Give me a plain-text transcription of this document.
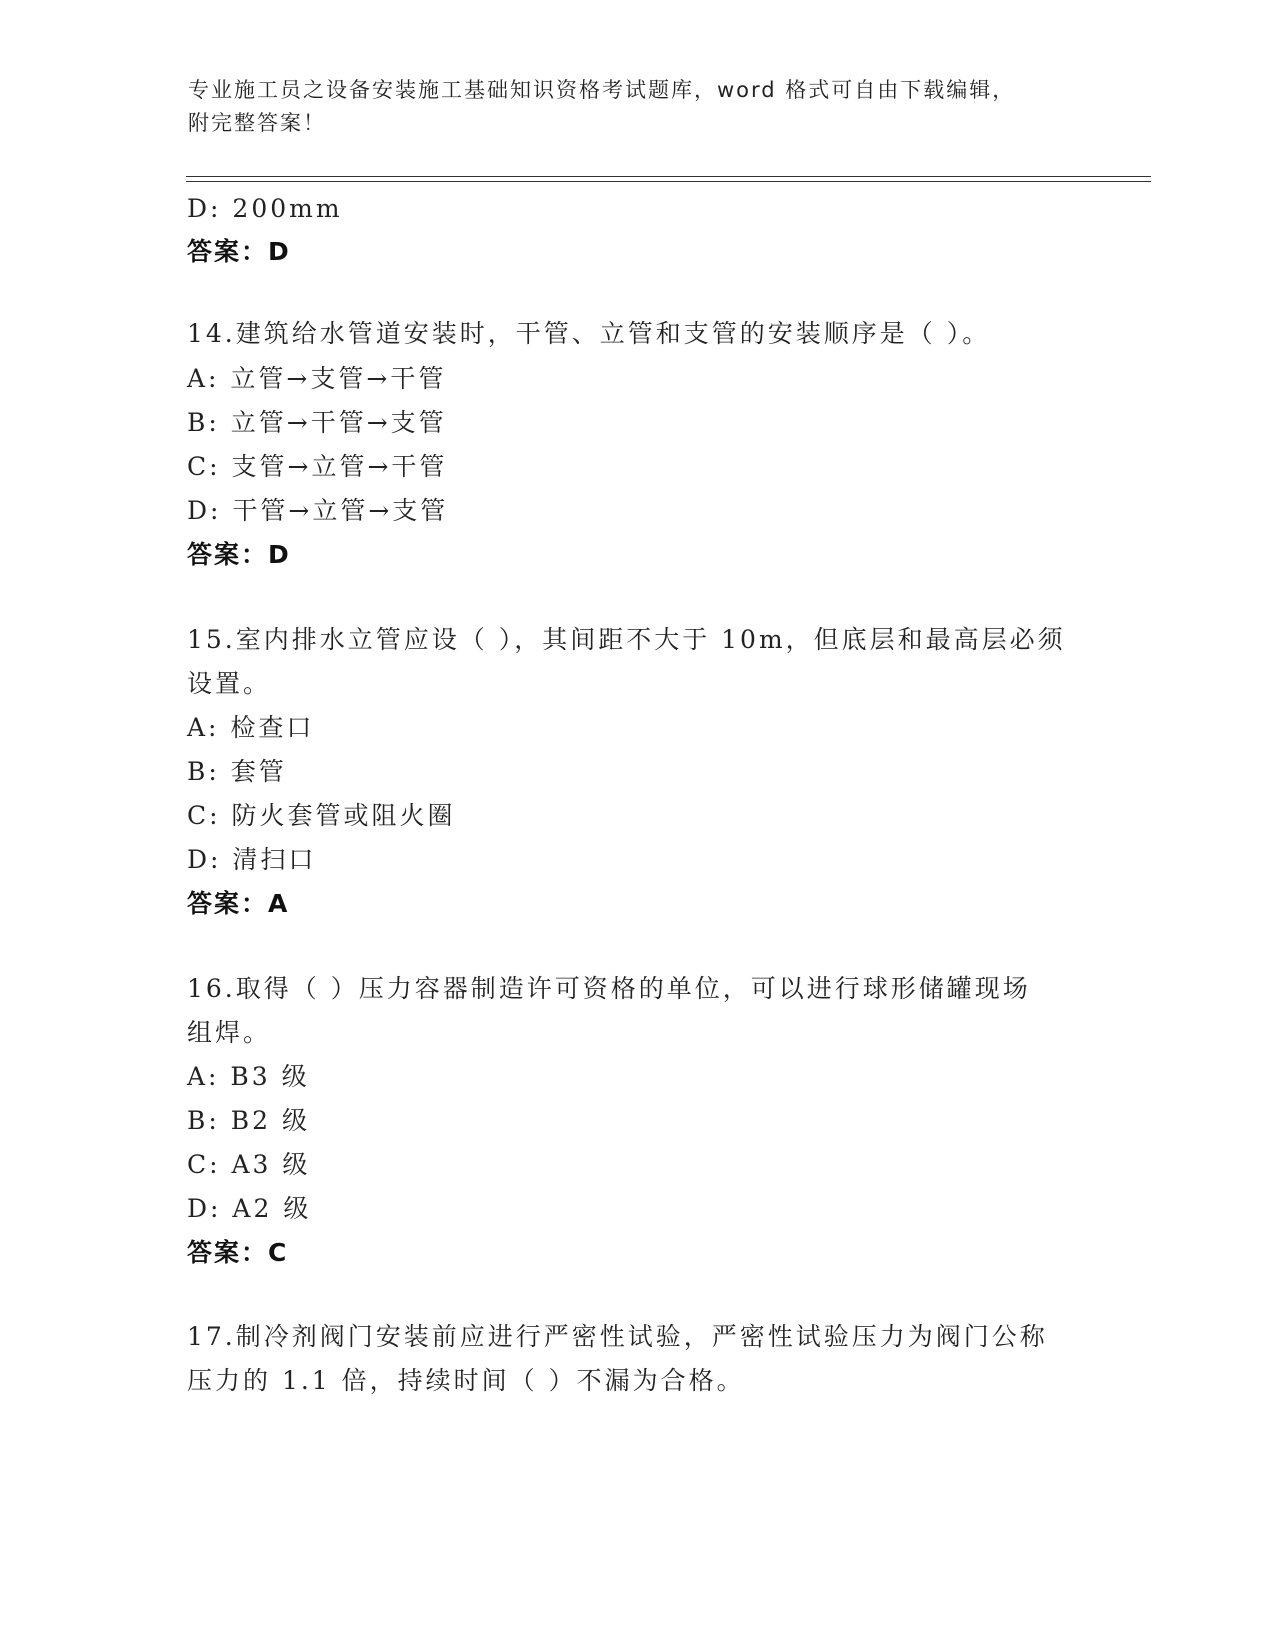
专业施工员之设备安装施工基础知识资格考试题库，word 格式可自由下载编辑，
附完整答案！
D: 200mm
答案：D
14.建筑给水管道安装时，干管、立管和支管的安装顺序是（ ）。
A: 立管→支管→干管
B: 立管→干管→支管
C: 支管→立管→干管
D: 干管→立管→支管
答案：D
15.室内排水立管应设（ ），其间距不大于 10m，但底层和最高层必须
设置。
A: 检查口
B: 套管
C: 防火套管或阻火圈
D: 清扫口
答案：A
16.取得（ ）压力容器制造许可资格的单位，可以进行球形储罐现场
组焊。
A: B3 级
B: B2 级
C: A3 级
D: A2 级
答案：C
17.制冷剂阀门安装前应进行严密性试验，严密性试验压力为阀门公称
压力的 1.1 倍，持续时间（ ）不漏为合格。
